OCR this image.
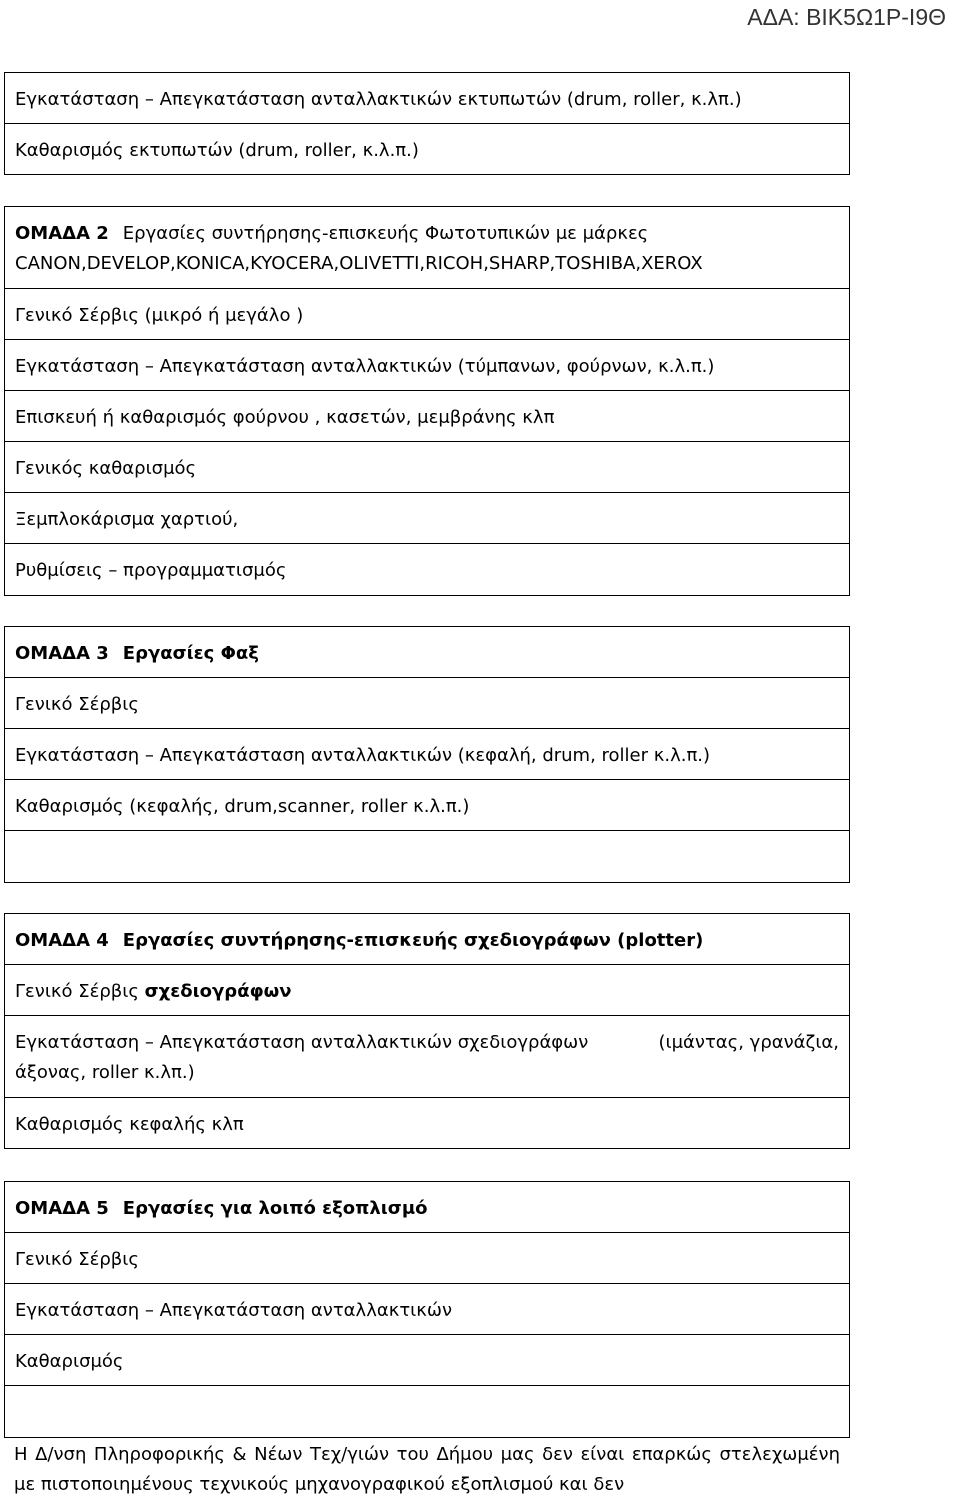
ΑΔΑ: ΒΙΚ5Ω1Ρ-Ι9Θ
Εγκατάσταση – Απεγκατάσταση ανταλλακτικών εκτυπωτών (drum, roller, κ.λπ.)
Καθαρισμός εκτυπωτών (drum, roller, κ.λ.π.)
ΟΜΑΔΑ 2 Εργασίες συντήρησης-επισκευής Φωτοτυπικών με μάρκες
CANON,DEVELOP,KONICA,KYOCERA,OLIVETTI,RICOH,SHARP,TOSHIBA,XEROX

Γενικό Σέρβις (μικρό ή μεγάλο )
Εγκατάσταση – Απεγκατάσταση ανταλλακτικών (τύμπανων, φούρνων, κ.λ.π.)
Επισκευή ή καθαρισμός φούρνου , κασετών, μεμβράνης κλπ
Γενικός καθαρισμός
Ξεμπλοκάρισμα χαρτιού,
Ρυθμίσεις – προγραμματισμός
ΟΜΑΔΑ 3 Εργασίες Φαξ
Γενικό Σέρβις
Εγκατάσταση – Απεγκατάσταση ανταλλακτικών (κεφαλή, drum, roller κ.λ.π.)
Καθαρισμός (κεφαλής, drum,scanner, roller κ.λ.π.)

ΟΜΑΔΑ 4 Εργασίες συντήρησης-επισκευής σχεδιογράφων (plotter)
Γενικό Σέρβις σχεδιογράφων

Εγκατάσταση – Απεγκατάσταση ανταλλακτικών σχεδιογράφων	(ιμάντας, γρανάζια,
άξονας, roller κ.λπ.)

Καθαρισμός κεφαλής κλπ
ΟΜΑΔΑ 5 Εργασίες για λοιπό εξοπλισμό
Γενικό Σέρβις
Εγκατάσταση – Απεγκατάσταση ανταλλακτικών
Καθαρισμός

Η Δ/νση Πληροφορικής & Νέων Τεχ/γιών του Δήμου μας δεν είναι επαρκώς στελεχωμένη με πιστοποιημένους τεχνικούς μηχανογραφικού εξοπλισμού και δεν
